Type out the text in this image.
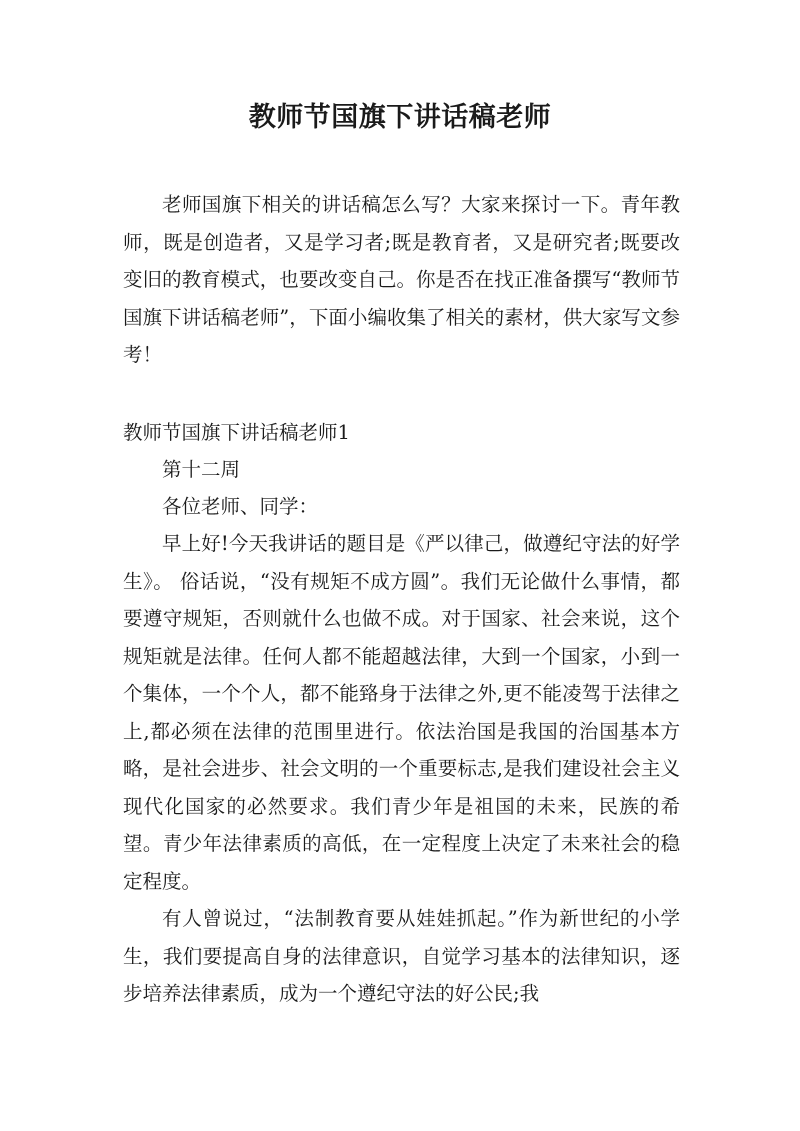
教师节国旗下讲话稿老师

老师国旗下相关的讲话稿怎么写？大家来探讨一下。青年教师，既是创造者，又是学习者;既是教育者，又是研究者;既要改变旧的教育模式，也要改变自己。你是否在找正准备撰写“教师节国旗下讲话稿老师”，下面小编收集了相关的素材，供大家写文参考！

教师节国旗下讲话稿老师1

第十二周

各位老师、同学：

早上好!今天我讲话的题目是《严以律己，做遵纪守法的好学生》。 俗话说，“没有规矩不成方圆”。我们无论做什么事情，都要遵守规矩，否则就什么也做不成。对于国家、社会来说，这个规矩就是法律。任何人都不能超越法律，大到一个国家，小到一个集体，一个个人，都不能臵身于法律之外,更不能凌驾于法律之上,都必须在法律的范围里进行。依法治国是我国的治国基本方略，是社会进步、社会文明的一个重要标志,是我们建设社会主义现代化国家的必然要求。我们青少年是祖国的未来，民族的希望。青少年法律素质的高低，在一定程度上决定了未来社会的稳定程度。

有人曾说过，“法制教育要从娃娃抓起。”作为新世纪的小学生，我们要提高自身的法律意识，自觉学习基本的法律知识，逐步培养法律素质，成为一个遵纪守法的好公民;我
